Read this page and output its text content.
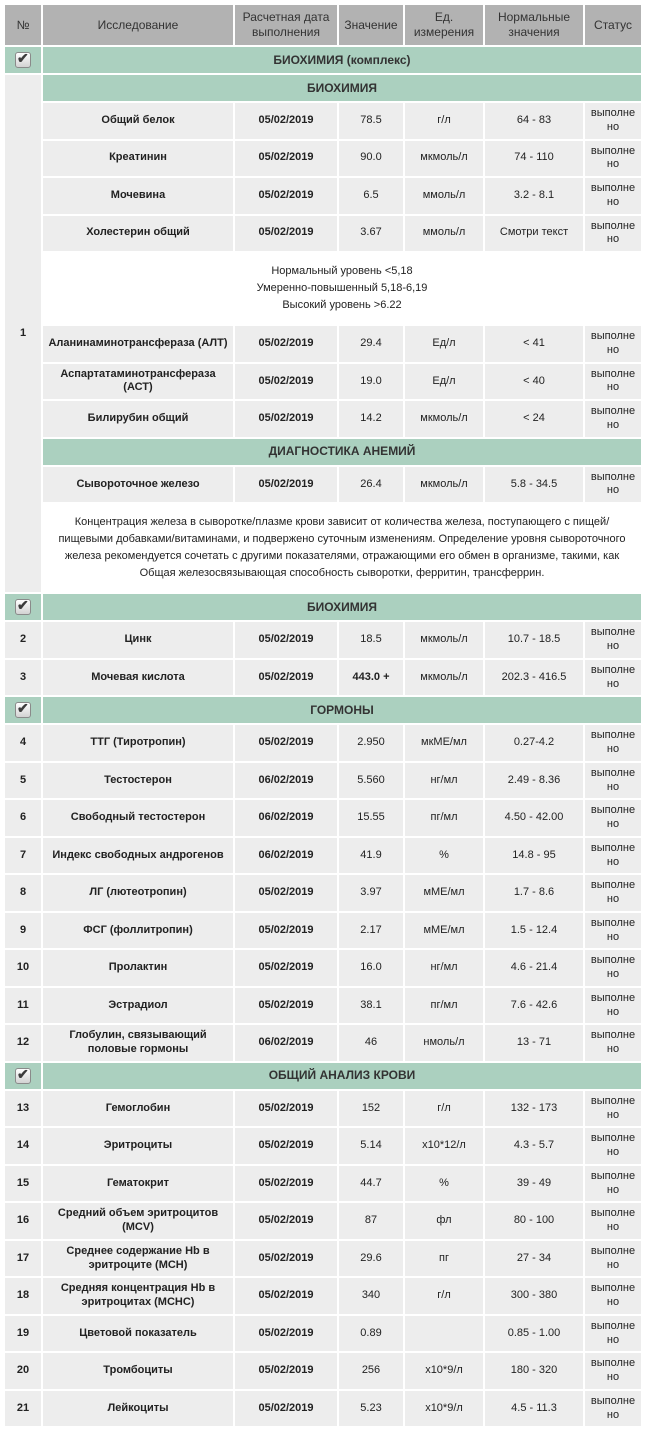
№	Исследование	Расчетная дата выполнения	Значение	Ед. измерения	Нормальные значения	Статус

✔	БИОХИМИЯ (комплекс)					
1	БИОХИМИЯ					
	Общий белок	05/02/2019	78.5	г/л	64 - 83	выполнено
	Креатинин	05/02/2019	90.0	мкмоль/л	74 - 110	выполнено
	Мочевина	05/02/2019	6.5	ммоль/л	3.2 - 8.1	выполнено
	Холестерин общий	05/02/2019	3.67	ммоль/л	Смотри текст	выполнено

	Нормальный уровень <5,18
Умеренно-повышенный 5,18-6,19
Высокий уровень >6.22					

	Аланинаминотрансфераза (АЛТ)	05/02/2019	29.4	Ед/л	< 41	выполнено
	Аспартатаминотрансфераза (АСТ)	05/02/2019	19.0	Ед/л	< 40	выполнено
	Билирубин общий	05/02/2019	14.2	мкмоль/л	< 24	выполнено
	ДИАГНОСТИКА АНЕМИЙ					
	Сывороточное железо	05/02/2019	26.4	мкмоль/л	5.8 - 34.5	выполнено

	Концентрация железа в сыворотке/плазме крови зависит от количества железа, поступающего с пищей/пищевыми добавками/витаминами, и подвержено суточным изменениям. Определение уровня сывороточного железа рекомендуется сочетать с другими показателями, отражающими его обмен в организме, такими, как Общая железосвязывающая способность сыворотки, ферритин, трансферрин.					

✔	БИОХИМИЯ					
2	Цинк	05/02/2019	18.5	мкмоль/л	10.7 - 18.5	выполнено
3	Мочевая кислота	05/02/2019	443.0 +	мкмоль/л	202.3 - 416.5	выполнено

✔	ГОРМОНЫ					
4	ТТГ (Тиротропин)	05/02/2019	2.950	мкМЕ/мл	0.27-4.2	выполнено
5	Тестостерон	06/02/2019	5.560	нг/мл	2.49 - 8.36	выполнено
6	Свободный тестостерон	06/02/2019	15.55	пг/мл	4.50 - 42.00	выполнено
7	Индекс свободных андрогенов	06/02/2019	41.9	%	14.8 - 95	выполнено
8	ЛГ (лютеотропин)	05/02/2019	3.97	мМЕ/мл	1.7 - 8.6	выполнено
9	ФСГ (фоллитропин)	05/02/2019	2.17	мМЕ/мл	1.5 - 12.4	выполнено
10	Пролактин	05/02/2019	16.0	нг/мл	4.6 - 21.4	выполнено
11	Эстрадиол	05/02/2019	38.1	пг/мл	7.6 - 42.6	выполнено
12	Глобулин, связывающий половые гормоны	06/02/2019	46	нмоль/л	13 - 71	выполнено

✔	ОБЩИЙ АНАЛИЗ КРОВИ					
13	Гемоглобин	05/02/2019	152	г/л	132 - 173	выполнено
14	Эритроциты	05/02/2019	5.14	х10*12/л	4.3 - 5.7	выполнено
15	Гематокрит	05/02/2019	44.7	%	39 - 49	выполнено
16	Средний объем эритроцитов (MCV)	05/02/2019	87	фл	80 - 100	выполнено
17	Среднее содержание Hb в эритроците (MCH)	05/02/2019	29.6	пг	27 - 34	выполнено
18	Средняя концентрация Hb в эритроцитах (MCHC)	05/02/2019	340	г/л	300 - 380	выполнено
19	Цветовой показатель	05/02/2019	0.89		0.85 - 1.00	выполнено
20	Тромбоциты	05/02/2019	256	х10*9/л	180 - 320	выполнено
21	Лейкоциты	05/02/2019	5.23	х10*9/л	4.5 - 11.3	выполнено
